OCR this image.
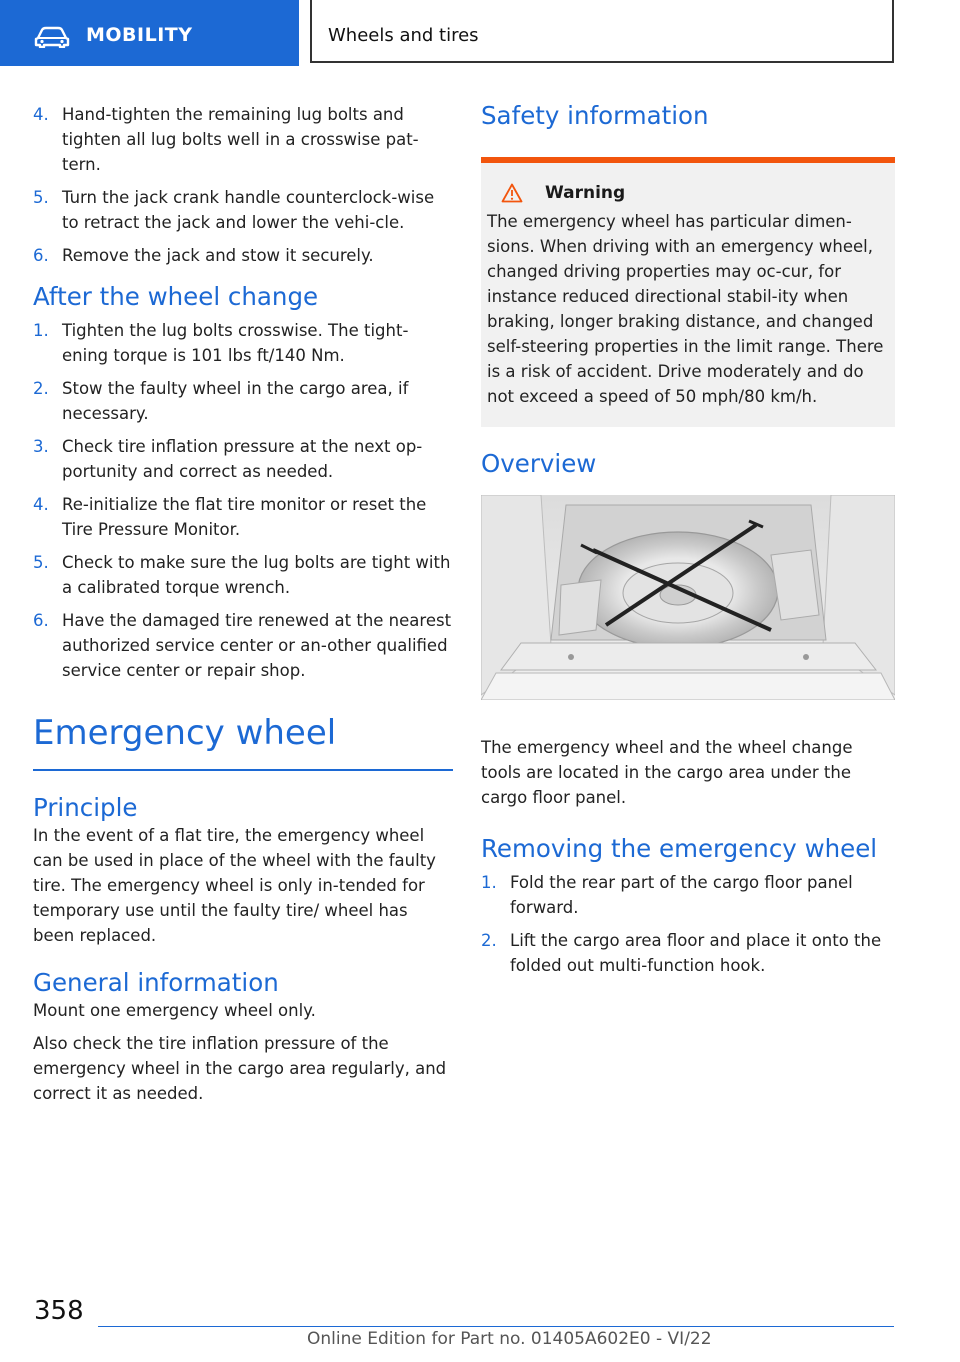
MOBILITY	Wheels and tires
4. Hand-tighten the remaining lug bolts and tighten all lug bolts well in a crosswise pat‐tern.
5. Turn the jack crank handle counterclock‐wise to retract the jack and lower the vehi‐cle.
6. Remove the jack and stow it securely.
After the wheel change
1. Tighten the lug bolts crosswise. The tight‐ening torque is 101 lbs ft/140 Nm.
2. Stow the faulty wheel in the cargo area, if necessary.
3. Check tire inflation pressure at the next op‐portunity and correct as needed.
4. Re-initialize the flat tire monitor or reset the Tire Pressure Monitor.
5. Check to make sure the lug bolts are tight with a calibrated torque wrench.
6. Have the damaged tire renewed at the nearest authorized service center or an‐other qualified service center or repair shop.
Emergency wheel
Principle

In the event of a flat tire, the emergency wheel can be used in place of the wheel with the faulty tire. The emergency wheel is only in‐tended for temporary use until the faulty tire/ wheel has been replaced.

General information

Mount one emergency wheel only.

Also check the tire inflation pressure of the emergency wheel in the cargo area regularly, and correct it as needed.

Safety information
Warning

The emergency wheel has particular dimen‐sions. When driving with an emergency wheel, changed driving properties may oc‐cur, for instance reduced directional stabil‐ity when braking, longer braking distance, and changed self-steering properties in the limit range. There is a risk of accident. Drive moderately and do not exceed a speed of 50 mph/80 km/h.

Overview

The emergency wheel and the wheel change tools are located in the cargo area under the cargo floor panel.

Removing the emergency wheel
1. Fold the rear part of the cargo floor panel forward.
2. Lift the cargo area floor and place it onto the folded out multi-function hook.
358
Online Edition for Part no. 01405A602E0 - VI/22
